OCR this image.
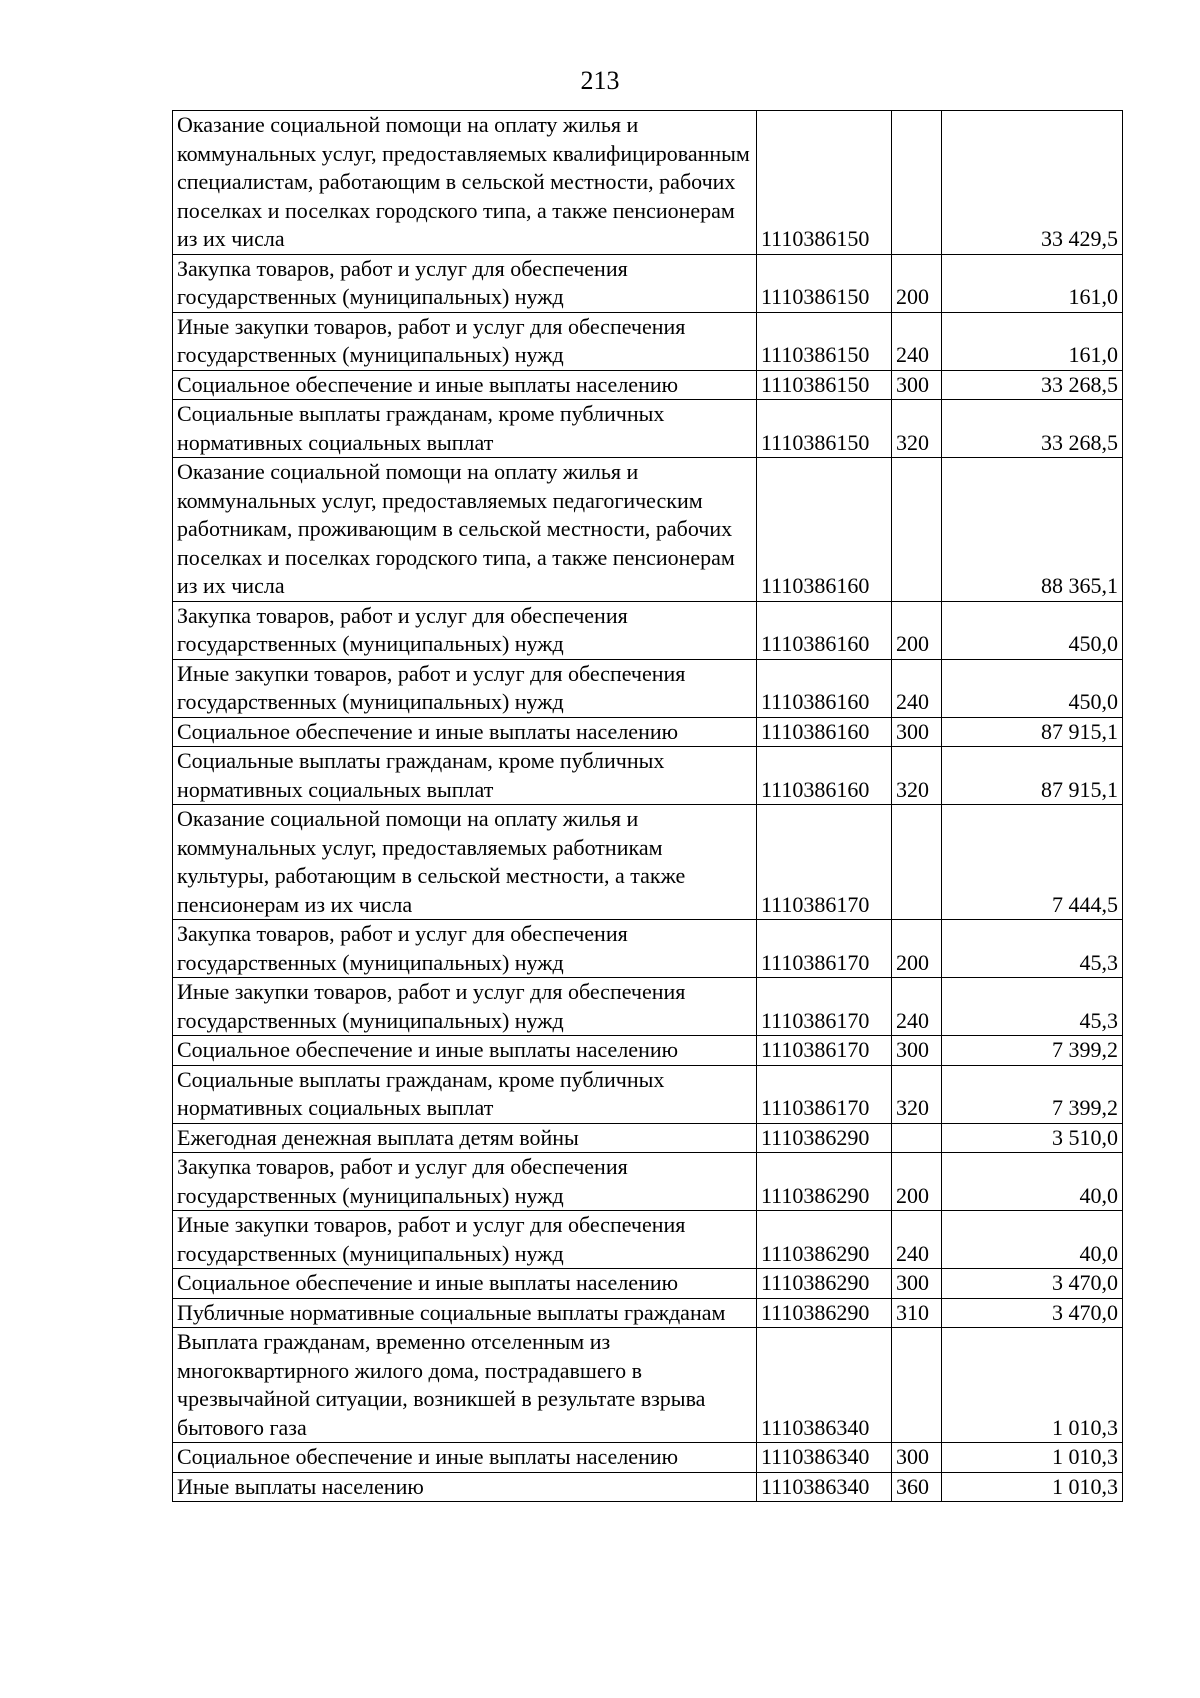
213
Оказание социальной помощи на оплату жилья и коммунальных услуг, предоставляемых квалифицированным специалистам, работающим в сельской местности, рабочих поселках и поселках городского типа, а также пенсионерам из их числа	1110386150		33 429,5
Закупка товаров, работ и услуг для обеспечения государственных (муниципальных) нужд	1110386150	200	161,0
Иные закупки товаров, работ и услуг для обеспечения государственных (муниципальных) нужд	1110386150	240	161,0
Социальное обеспечение и иные выплаты населению	1110386150	300	33 268,5
Социальные выплаты гражданам, кроме публичных нормативных социальных выплат	1110386150	320	33 268,5
Оказание социальной помощи на оплату жилья и коммунальных услуг, предоставляемых педагогическим работникам, проживающим в сельской местности, рабочих поселках и поселках городского типа, а также пенсионерам из их числа	1110386160		88 365,1
Закупка товаров, работ и услуг для обеспечения государственных (муниципальных) нужд	1110386160	200	450,0
Иные закупки товаров, работ и услуг для обеспечения государственных (муниципальных) нужд	1110386160	240	450,0
Социальное обеспечение и иные выплаты населению	1110386160	300	87 915,1
Социальные выплаты гражданам, кроме публичных нормативных социальных выплат	1110386160	320	87 915,1
Оказание социальной помощи на оплату жилья и коммунальных услуг, предоставляемых работникам культуры, работающим в сельской местности, а также пенсионерам из их числа	1110386170		7 444,5
Закупка товаров, работ и услуг для обеспечения государственных (муниципальных) нужд	1110386170	200	45,3
Иные закупки товаров, работ и услуг для обеспечения государственных (муниципальных) нужд	1110386170	240	45,3
Социальное обеспечение и иные выплаты населению	1110386170	300	7 399,2
Социальные выплаты гражданам, кроме публичных нормативных социальных выплат	1110386170	320	7 399,2
Ежегодная денежная выплата детям войны	1110386290		3 510,0
Закупка товаров, работ и услуг для обеспечения государственных (муниципальных) нужд	1110386290	200	40,0
Иные закупки товаров, работ и услуг для обеспечения государственных (муниципальных) нужд	1110386290	240	40,0
Социальное обеспечение и иные выплаты населению	1110386290	300	3 470,0
Публичные нормативные социальные выплаты гражданам	1110386290	310	3 470,0
Выплата гражданам, временно отселенным из многоквартирного жилого дома, пострадавшего в чрезвычайной ситуации, возникшей в результате взрыва бытового газа	1110386340		1 010,3
Социальное обеспечение и иные выплаты населению	1110386340	300	1 010,3
Иные выплаты населению	1110386340	360	1 010,3
